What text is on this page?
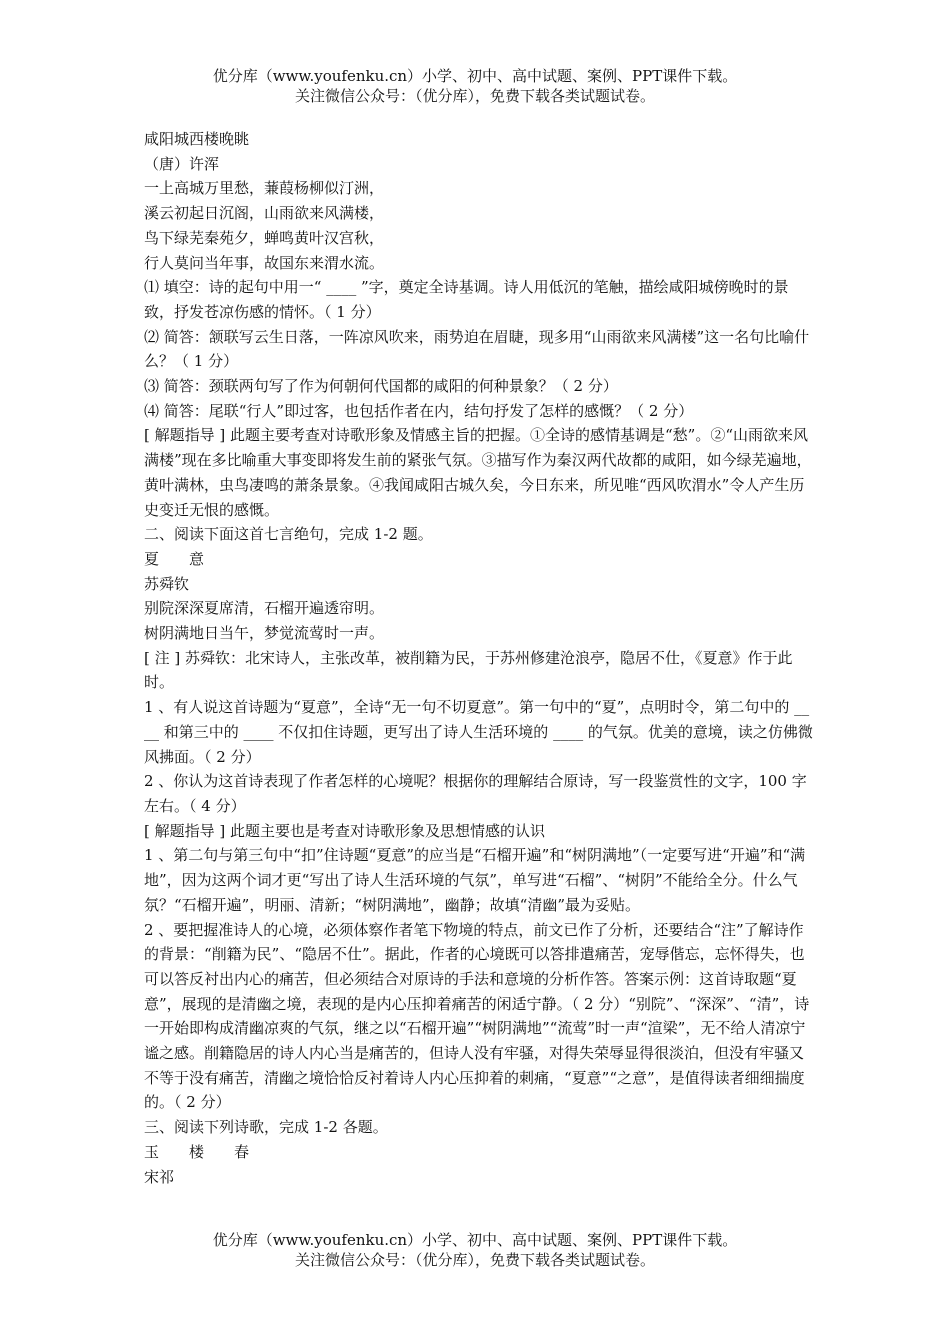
优分库（www.youfenku.cn）小学、初中、高中试题、案例、PPT课件下载。
关注微信公众号：（优分库），免费下载各类试题试卷。

咸阳城西楼晚眺

（唐）许浑

一上高城万里愁，蒹葭杨柳似汀洲，

溪云初起日沉阁，山雨欲来风满楼，

鸟下绿芜秦苑夕，蝉鸣黄叶汉宫秋，

行人莫问当年事，故国东来渭水流。

⑴ 填空：诗的起句中用一“ ____ ”字，奠定全诗基调。诗人用低沉的笔触，描绘咸阳城傍晚时的景致，抒发苍凉伤感的情怀。（ 1 分）

⑵ 简答：颔联写云生日落，一阵凉风吹来，雨势迫在眉睫，现多用“山雨欲来风满楼”这一名句比喻什么？（ 1 分）

⑶ 简答：颈联两句写了作为何朝何代国都的咸阳的何种景象？（ 2 分）

⑷ 简答：尾联“行人”即过客，也包括作者在内，结句抒发了怎样的感慨？（ 2 分）

[ 解题指导 ] 此题主要考查对诗歌形象及情感主旨的把握。①全诗的感情基调是“愁”。②“山雨欲来风满楼”现在多比喻重大事变即将发生前的紧张气氛。③描写作为秦汉两代故都的咸阳，如今绿芜遍地，黄叶满林，虫鸟凄鸣的萧条景象。④我闻咸阳古城久矣，今日东来，所见唯“西风吹渭水”令人产生历史变迁无恨的感慨。

二、阅读下面这首七言绝句，完成 1-2 题。

夏　　意

苏舜钦

别院深深夏席清，石榴开遍透帘明。

树阴满地日当午，梦觉流莺时一声。

[ 注 ] 苏舜钦：北宋诗人，主张改革，被削籍为民，于苏州修建沧浪亭，隐居不仕，《夏意》作于此时。

1 、有人说这首诗题为“夏意”，全诗“无一句不切夏意”。第一句中的“夏”，点明时令，第二句中的 ____ 和第三中的 ____ 不仅扣住诗题，更写出了诗人生活环境的 ____ 的气氛。优美的意境，读之仿佛微风拂面。（ 2 分）

2 、你认为这首诗表现了作者怎样的心境呢？根据你的理解结合原诗，写一段鉴赏性的文字，100 字左右。（ 4 分）

[ 解题指导 ] 此题主要也是考查对诗歌形象及思想情感的认识

1 、第二句与第三句中“扣”住诗题“夏意”的应当是“石榴开遍”和“树阴满地”（一定要写进“开遍”和“满地”，因为这两个词才更“写出了诗人生活环境的气氛”，单写进“石榴”、“树阴”不能给全分。什么气氛？“石榴开遍”，明丽、清新；“树阴满地”，幽静；故填“清幽”最为妥贴。

2 、要把握准诗人的心境，必须体察作者笔下物境的特点，前文已作了分析，还要结合“注”了解诗作的背景：“削籍为民”、“隐居不仕”。据此，作者的心境既可以答排遣痛苦，宠辱偕忘，忘怀得失，也可以答反衬出内心的痛苦，但必须结合对原诗的手法和意境的分析作答。答案示例：这首诗取题“夏意”，展现的是清幽之境，表现的是内心压抑着痛苦的闲适宁静。（ 2 分）“别院”、“深深”、“清”，诗一开始即构成清幽凉爽的气氛，继之以“石榴开遍”“树阴满地”“流莺”时一声“渲梁”，无不给人清凉宁谧之感。削籍隐居的诗人内心当是痛苦的，但诗人没有牢骚，对得失荣辱显得很淡泊，但没有牢骚又不等于没有痛苦，清幽之境恰恰反衬着诗人内心压抑着的刺痛，“夏意”“之意”，是值得读者细细揣度的。（ 2 分）

三、阅读下列诗歌，完成 1-2 各题。

玉　　楼　　春

宋祁

优分库（www.youfenku.cn）小学、初中、高中试题、案例、PPT课件下载。
关注微信公众号：（优分库），免费下载各类试题试卷。
